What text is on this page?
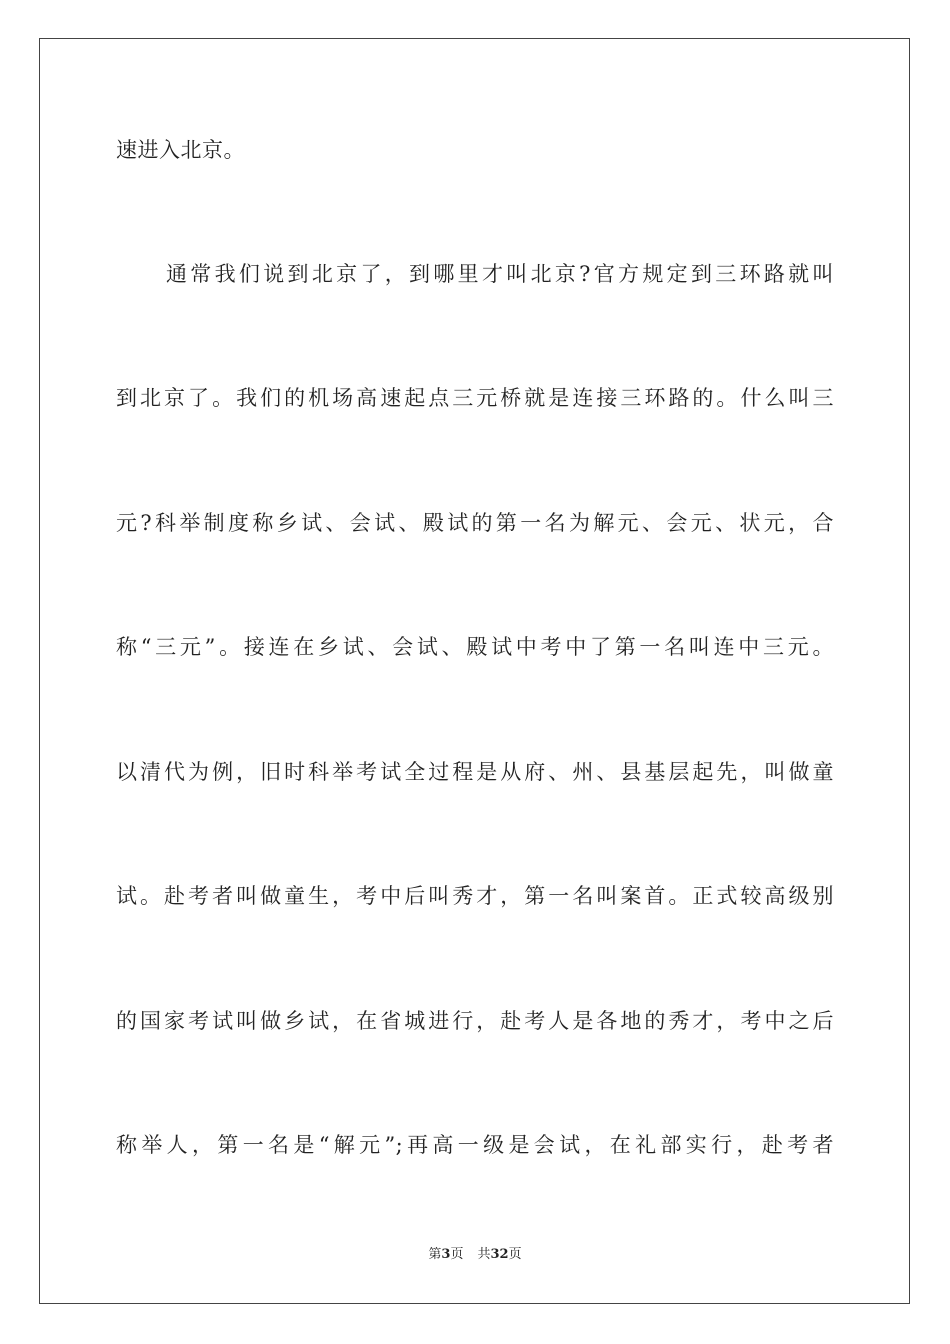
速进入北京。
通常我们说到北京了，到哪里才叫北京?官方规定到三环路就叫
到北京了。我们的机场高速起点三元桥就是连接三环路的。什么叫三
元?科举制度称乡试、会试、殿试的第一名为解元、会元、状元，合
称“三元”。接连在乡试、会试、殿试中考中了第一名叫连中三元。
以清代为例，旧时科举考试全过程是从府、州、县基层起先，叫做童
试。赴考者叫做童生，考中后叫秀才，第一名叫案首。正式较高级别
的国家考试叫做乡试，在省城进行，赴考人是各地的秀才，考中之后
称举人，第一名是“解元”;再高一级是会试，在礼部实行，赴考者
第3页 共32页
